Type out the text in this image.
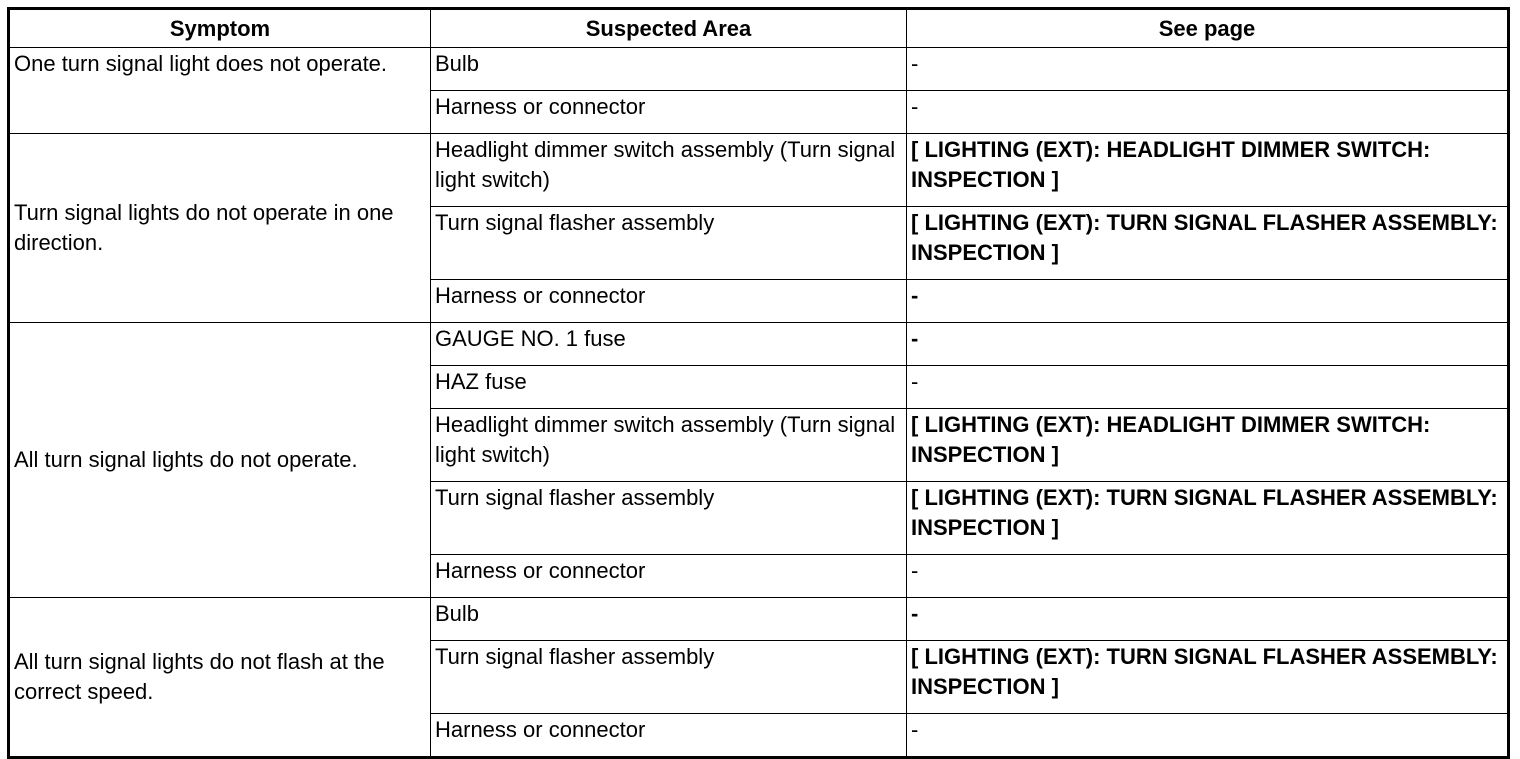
Symptom	Suspected Area	See page
One turn signal light does not operate.	Bulb	-
	Harness or connector	-
Turn signal lights do not operate in one direction.	Headlight dimmer switch assembly (Turn signal light switch)	[ LIGHTING (EXT): HEADLIGHT DIMMER SWITCH: INSPECTION ]
	Turn signal flasher assembly	[ LIGHTING (EXT): TURN SIGNAL FLASHER ASSEMBLY: INSPECTION ]
	Harness or connector	-
All turn signal lights do not operate.	GAUGE NO. 1 fuse	-
	HAZ fuse	-
	Headlight dimmer switch assembly (Turn signal light switch)	[ LIGHTING (EXT): HEADLIGHT DIMMER SWITCH: INSPECTION ]
	Turn signal flasher assembly	[ LIGHTING (EXT): TURN SIGNAL FLASHER ASSEMBLY: INSPECTION ]
	Harness or connector	-
All turn signal lights do not flash at the correct speed.	Bulb	-
	Turn signal flasher assembly	[ LIGHTING (EXT): TURN SIGNAL FLASHER ASSEMBLY: INSPECTION ]
	Harness or connector	-
